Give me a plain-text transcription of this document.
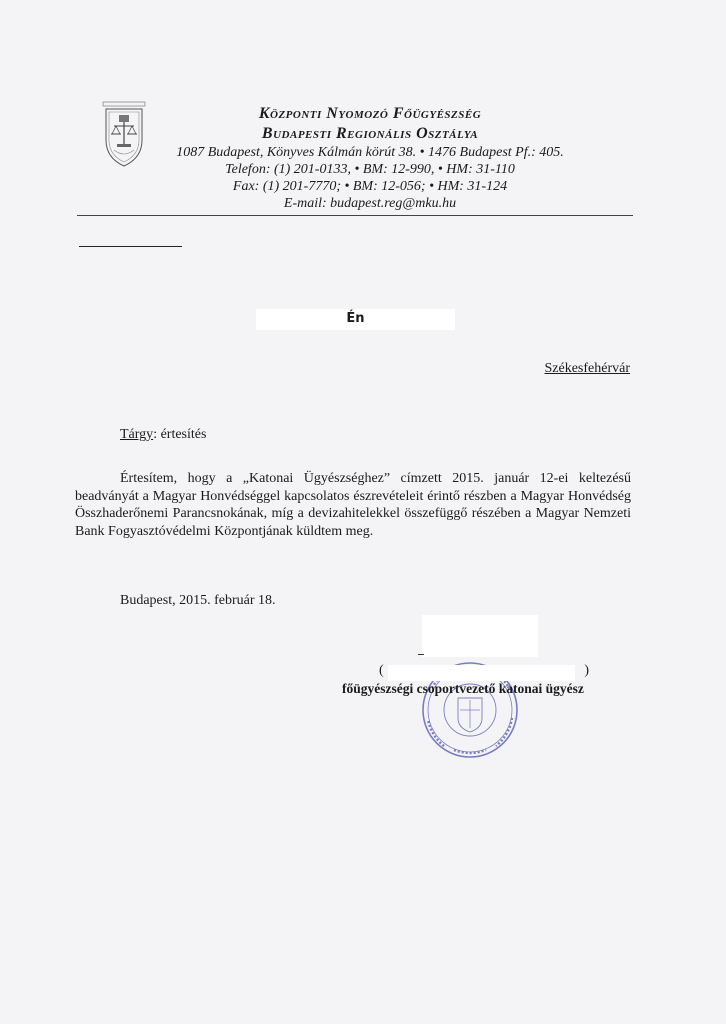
Központi Nyomozó Főügyészség

Budapesti Regionális Osztálya

1087 Budapest, Könyves Kálmán körút 38. • 1476 Budapest Pf.: 405.

Telefon: (1) 201-0133, • BM: 12-990, • HM: 31-110

Fax: (1) 201-7770; • BM: 12-056; • HM: 31-124

E-mail: budapest.reg@mku.hu

Én
Székesfehérvár
Tárgy: értesítés

Értesítem, hogy a „Katonai Ügyészséghez” címzett 2015. január 12-ei keltezésű beadványát a Magyar Honvédséggel kapcsolatos észrevételeit érintő részben a Magyar Honvédség Összhaderőnemi Parancsnokának, míg a devizahitelekkel összefüggő részében a Magyar Nemzeti Bank Fogyasztóvédelmi Központjának küldtem meg.

Budapest, 2015. február 18.
(	)
főügyészségi csoportvezető katonai ügyész
